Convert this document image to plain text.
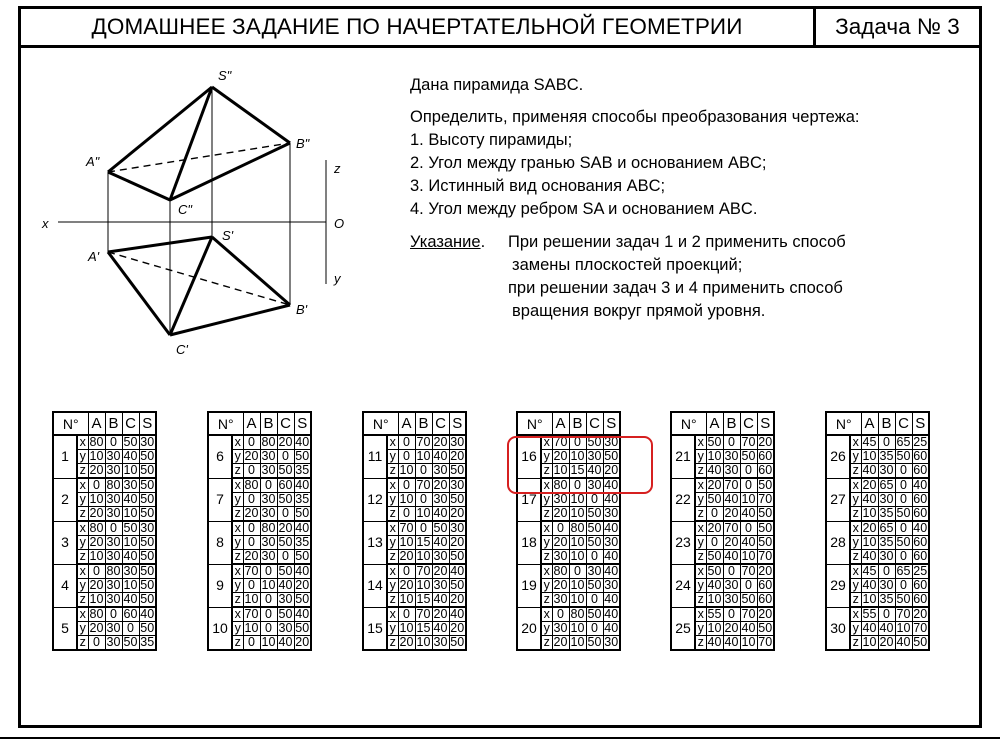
ДОМАШНЕЕ ЗАДАНИЕ ПО НАЧЕРТАТЕЛЬНОЙ ГЕОМЕТРИИ	Задача № 3
S"
A"
B"
C"
S'
A'
B'
C'
x
z
O
y
Дана пирамида SABC.
Определить, применяя способы преобразования чертежа:
1. Высоту пирамиды;
2. Угол между гранью SAB и основанием ABC;
3. Истинный вид основания ABC;
4. Угол между ребром SA и основанием ABC.
Указание. При решении задач 1 и 2 применить способ
замены плоскостей проекций;
при решении задач 3 и 4 применить способ
вращения вокруг прямой уровня.
N°		A	B	C	S
1	x	80	0	50	30
	y	10	30	40	50
	z	20	30	10	50
2	x	0	80	30	50
	y	10	30	40	50
	z	20	30	10	50
3	x	80	0	50	30
	y	20	30	10	50
	z	10	30	40	50
4	x	0	80	30	50
	y	20	30	10	50
	z	10	30	40	50
5	x	80	0	60	40
	y	20	30	0	50
	z	0	30	50	35
N°		A	B	C	S
6	x	0	80	20	40
	y	20	30	0	50
	z	0	30	50	35
7	x	80	0	60	40
	y	0	30	50	35
	z	20	30	0	50
8	x	0	80	20	40
	y	0	30	50	35
	z	20	30	0	50
9	x	70	0	50	40
	y	0	10	40	20
	z	10	0	30	50
10	x	70	0	50	40
	y	10	0	30	50
	z	0	10	40	20
N°		A	B	C	S
11	x	0	70	20	30
	y	0	10	40	20
	z	10	0	30	50
12	x	0	70	20	30
	y	10	0	30	50
	z	0	10	40	20
13	x	70	0	50	30
	y	10	15	40	20
	z	20	10	30	50
14	x	0	70	20	40
	y	20	10	30	50
	z	10	15	40	20
15	x	0	70	20	40
	y	10	15	40	20
	z	20	10	30	50
N°		A	B	C	S
16	x	70	0	50	30
	y	20	10	30	50
	z	10	15	40	20
17	x	80	0	30	40
	y	30	10	0	40
	z	20	10	50	30
18	x	0	80	50	40
	y	20	10	50	30
	z	30	10	0	40
19	x	80	0	30	40
	y	20	10	50	30
	z	30	10	0	40
20	x	0	80	50	40
	y	30	10	0	40
	z	20	10	50	30
N°		A	B	C	S
21	x	50	0	70	20
	y	10	30	50	60
	z	40	30	0	60
22	x	20	70	0	50
	y	50	40	10	70
	z	0	20	40	50
23	x	20	70	0	50
	y	0	20	40	50
	z	50	40	10	70
24	x	50	0	70	20
	y	40	30	0	60
	z	10	30	50	60
25	x	55	0	70	20
	y	10	20	40	50
	z	40	40	10	70
N°		A	B	C	S
26	x	45	0	65	25
	y	10	35	50	60
	z	40	30	0	60
27	x	20	65	0	40
	y	40	30	0	60
	z	10	35	50	60
28	x	20	65	0	40
	y	10	35	50	60
	z	40	30	0	60
29	x	45	0	65	25
	y	40	30	0	60
	z	10	35	50	60
30	x	55	0	70	20
	y	40	40	10	70
	z	10	20	40	50
